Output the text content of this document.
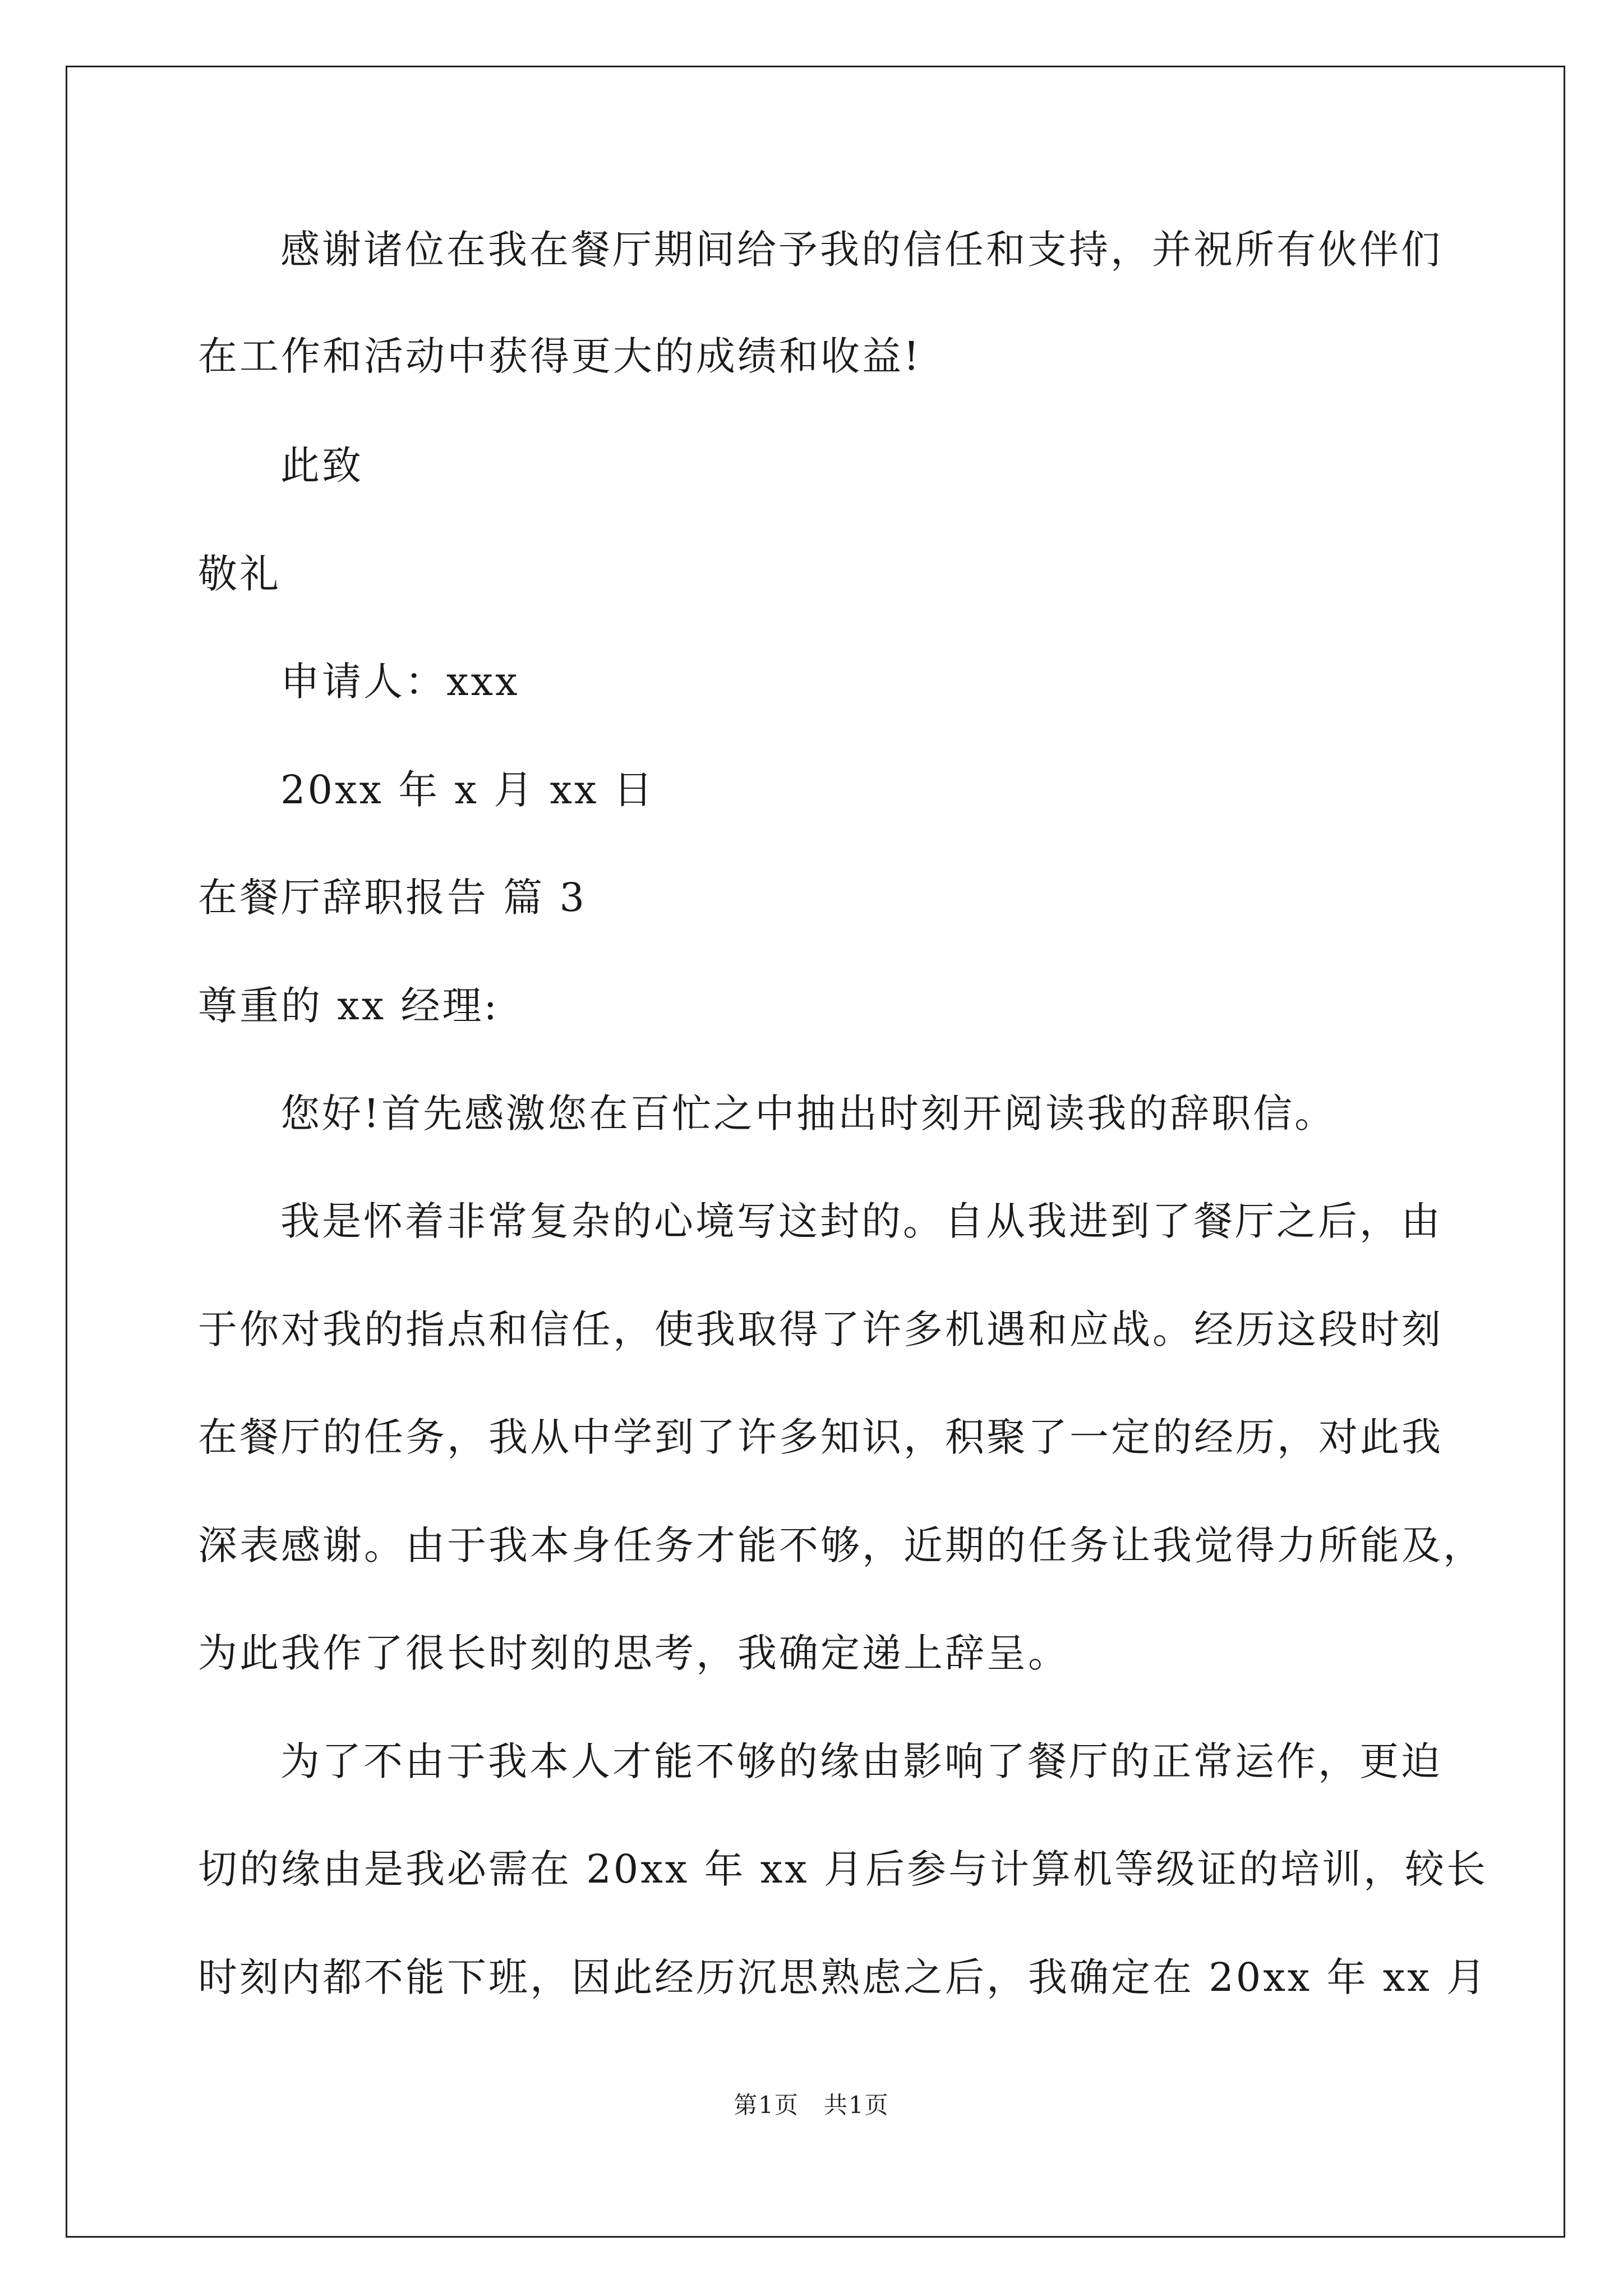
感谢诸位在我在餐厅期间给予我的信任和支持，并祝所有伙伴们
在工作和活动中获得更大的成绩和收益!
此致
敬礼
申请人：xxx
20xx 年 x 月 xx 日
在餐厅辞职报告 篇 3
尊重的 xx 经理:
您好!首先感激您在百忙之中抽出时刻开阅读我的辞职信。
我是怀着非常复杂的心境写这封的。自从我进到了餐厅之后，由
于你对我的指点和信任，使我取得了许多机遇和应战。经历这段时刻
在餐厅的任务，我从中学到了许多知识，积聚了一定的经历，对此我
深表感谢。由于我本身任务才能不够，近期的任务让我觉得力所能及，
为此我作了很长时刻的思考，我确定递上辞呈。
为了不由于我本人才能不够的缘由影响了餐厅的正常运作，更迫
切的缘由是我必需在 20xx 年 xx 月后参与计算机等级证的培训，较长
时刻内都不能下班，因此经历沉思熟虑之后，我确定在 20xx 年 xx 月
第1页　共1页
